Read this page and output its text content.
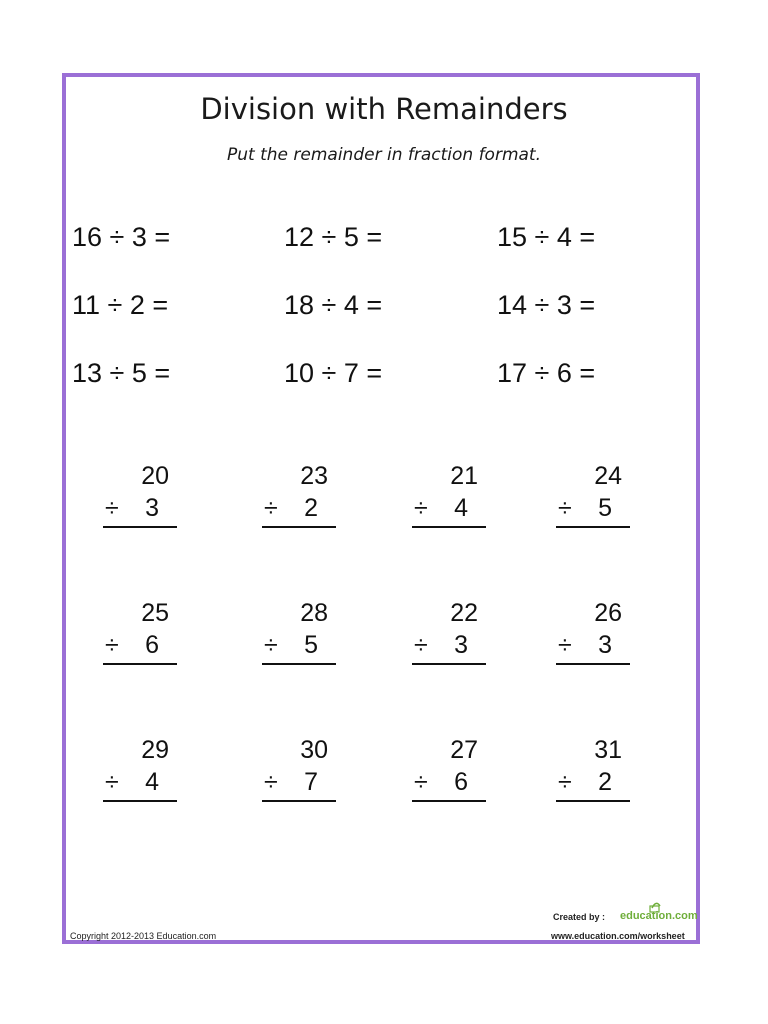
Division with Remainders
Put the remainder in fraction format.
16 ÷ 3 =	12 ÷ 5 =	15 ÷ 4 =
11 ÷ 2 =	18 ÷ 4 =	14 ÷ 3 =
13 ÷ 5 =	10 ÷ 7 =	17 ÷ 6 =
20
÷ 3
23
÷ 2
21
÷ 4
24
÷ 5
25
÷ 6
28
÷ 5
22
÷ 3
26
÷ 3
29
÷ 4
30
÷ 7
27
÷ 6
31
÷ 2
Copyright 2012-2013 Education.com
Created by : education.com
www.education.com/worksheet
